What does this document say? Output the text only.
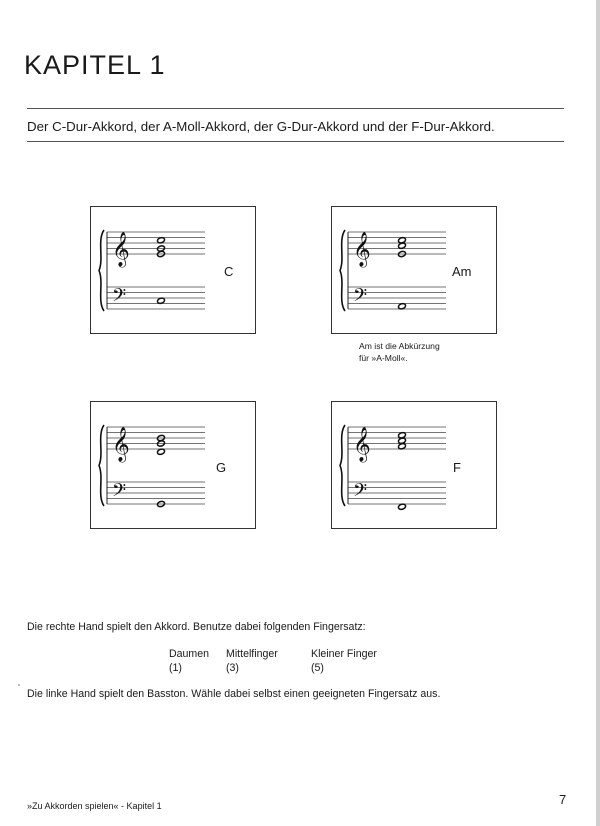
KAPITEL 1
Der C-Dur-Akkord, der A-Moll-Akkord, der G-Dur-Akkord und der F-Dur-Akkord.
𝄞
𝄢
C
𝄞
𝄢
Am
Am ist die Abkürzung
für »A-Moll«.
𝄞
𝄢
G
𝄞
𝄢
F
Die rechte Hand spielt den Akkord. Benutze dabei folgenden Fingersatz:
Daumen
(1)
Mittelfinger
(3)
Kleiner Finger
(5)
Die linke Hand spielt den Basston. Wähle dabei selbst einen geeigneten Fingersatz aus.
»Zu Akkorden spielen« - Kapitel 1	7
